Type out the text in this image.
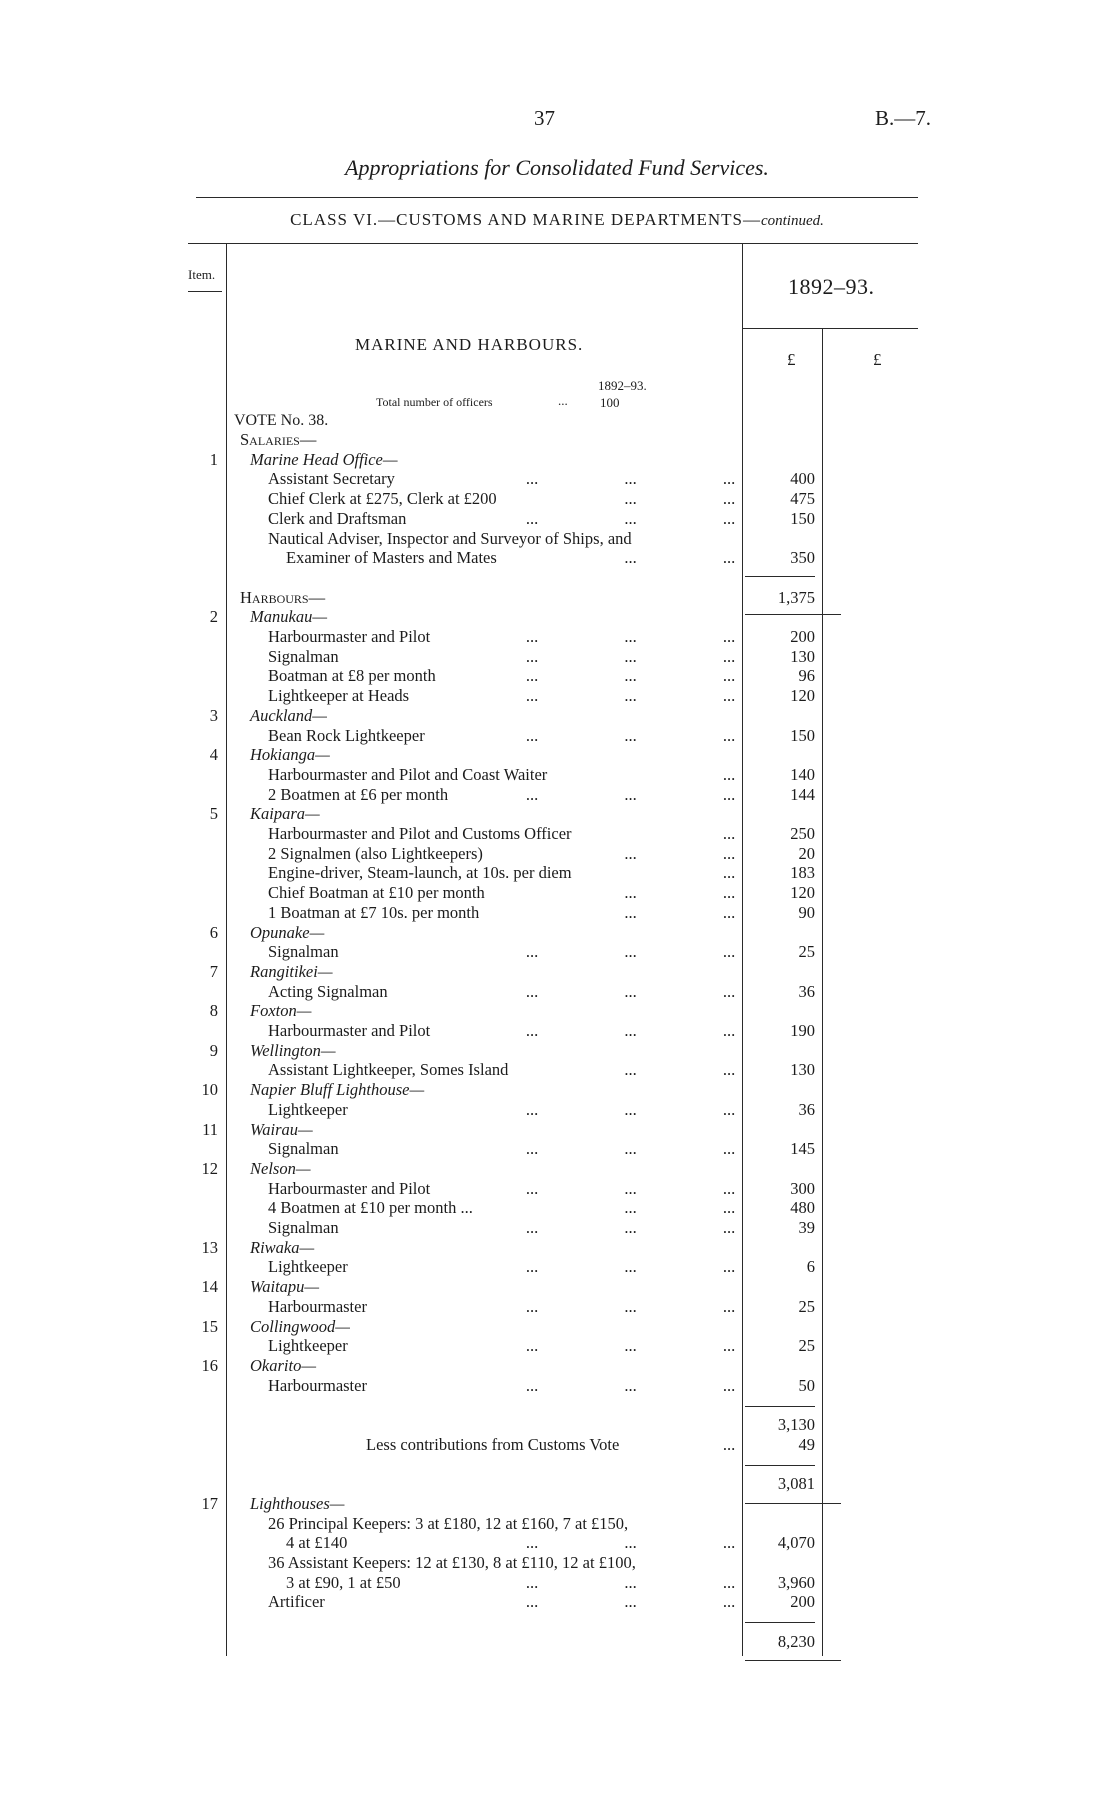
37	B.—7.
Appropriations for Consolidated Fund Services.
CLASS VI.—CUSTOMS AND MARINE DEPARTMENTS—continued.
Item.	1892–93.
£	£
MARINE AND HARBOURS.
1892–93.
Total number of officers	... 100
VOTE No. 38.
Salaries—
1 Marine Head Office—
Assistant Secretary	...	...	...	400
Chief Clerk at £275, Clerk at £200	...	...	475
Clerk and Draftsman	...	...	...	150
Nautical Adviser, Inspector and Surveyor of Ships, and
Examiner of Masters and Mates	...	...	350
Harbours—	1,375
2 Manukau—
Harbourmaster and Pilot	...	...	...	200
Signalman	...	...	...	130
Boatman at £8 per month	...	...	...	96
Lightkeeper at Heads	...	...	...	120
3 Auckland—
Bean Rock Lightkeeper	...	...	...	150
4 Hokianga—
Harbourmaster and Pilot and Coast Waiter	...	140
2 Boatmen at £6 per month	...	...	...	144
5 Kaipara—
Harbourmaster and Pilot and Customs Officer	...	250
2 Signalmen (also Lightkeepers)	...	...	20
Engine-driver, Steam-launch, at 10s. per diem	...	183
Chief Boatman at £10 per month	...	...	120
1 Boatman at £7 10s. per month	...	...	90
6 Opunake—
Signalman	...	...	...	25
7 Rangitikei—
Acting Signalman	...	...	...	36
8 Foxton—
Harbourmaster and Pilot	...	...	...	190
9 Wellington—
Assistant Lightkeeper, Somes Island	...	...	130
10 Napier Bluff Lighthouse—
Lightkeeper	...	...	...	36
11 Wairau—
Signalman	...	...	...	145
12 Nelson—
Harbourmaster and Pilot	...	...	...	300
4 Boatmen at £10 per month ...	...	...	480
Signalman	...	...	...	39
13 Riwaka—
Lightkeeper	...	...	...	6
14 Waitapu—
Harbourmaster	...	...	...	25
15 Collingwood—
Lightkeeper	...	...	...	25
16 Okarito—
Harbourmaster	...	...	...	50
3,130
Less contributions from Customs Vote	...	49
3,081
17 Lighthouses—
26 Principal Keepers: 3 at £180, 12 at £160, 7 at £150,
4 at £140	...	...	...	4,070
36 Assistant Keepers: 12 at £130, 8 at £110, 12 at £100,
3 at £90, 1 at £50	...	...	...	3,960
Artificer	...	...	...	200
8,230
